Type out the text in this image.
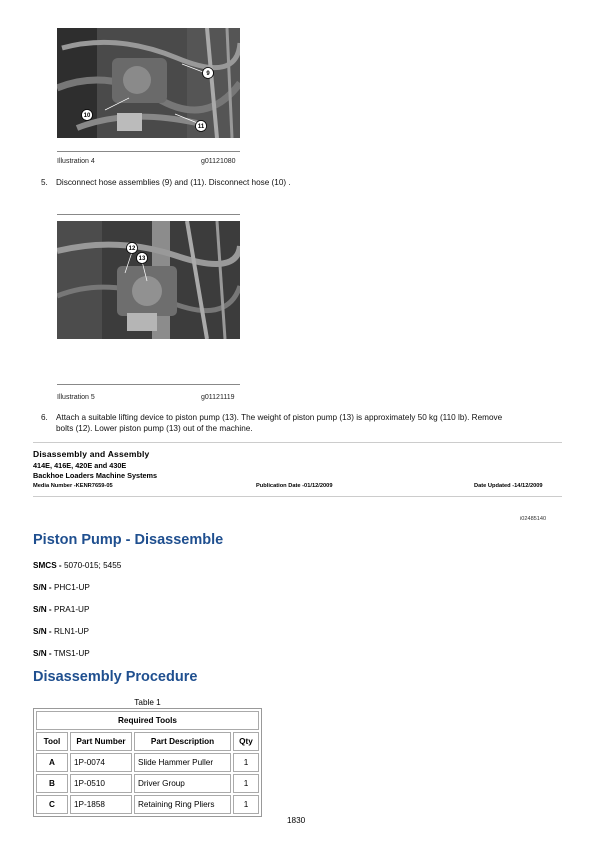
9
10
11
Illustration 4	g01121080
5. Disconnect hose assemblies (9) and (11). Disconnect hose (10) .
12
13
Illustration 5	g01121119
6. Attach a suitable lifting device to piston pump (13). The weight of piston pump (13) is approximately 50 kg (110 lb). Remove
bolts (12). Lower piston pump (13) out of the machine.
Disassembly and Assembly
414E, 416E, 420E and 430E
Backhoe Loaders Machine Systems
Media Number -KENR7659-05	Publication Date -01/12/2009	Date Updated -14/12/2009
i02485140
Piston Pump - Disassemble
SMCS - 5070-015; 5455
S/N - PHC1-UP
S/N - PRA1-UP
S/N - RLN1-UP
S/N - TMS1-UP
Disassembly Procedure
Table 1
Required Tools			
Tool	Part Number	Part Description	Qty
A	1P-0074	Slide Hammer Puller	1
B	1P-0510	Driver Group	1
C	1P-1858	Retaining Ring Pliers	1
1830
